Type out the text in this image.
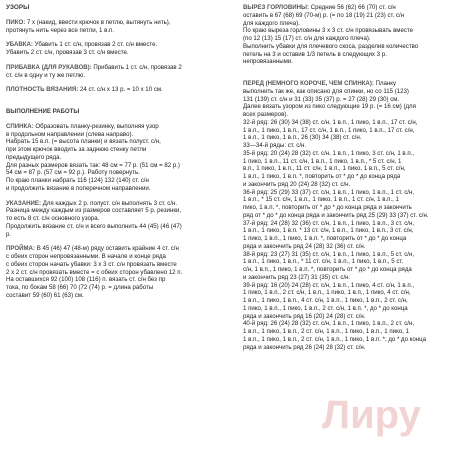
УЗОРЫ
ПИКО: 7 х (накид, ввести крючок в петлю, вытянуть нить),
протянуть нить через все петли, 1 в.п.
УБАВКА: Убавить 1 ст. с/н, провязав 2 ст. с/н вместе.
Убавить 2 ст. с/н, провязав 3 ст. с/н вместе.
ПРИБАВКА (ДЛЯ РУКАВОВ): Прибавить 1 ст. с/н, провязав 2
ст. с/н в одну и ту же петлю.
ПЛОТНОСТЬ ВЯЗАНИЯ: 24 ст. с/н х 13 р. = 10 х 10 см.
ВЫПОЛНЕНИЕ РАБОТЫ
СПИНКА: Образовать планку-резинку, выполняя узор
в продольном направлении (слева направо).
Набрать 15 в.п. (= высота планки) и вязать полуст. с/н,
при этом крючок вводить за заднюю стенку петли
предыдущего ряда.
Для разных размеров вязать так: 48 см = 77 р. (51 см = 82 р.)
54 см = 87 р. (57 см = 92 р.). Работу повернуть.
По краю планки набрать 116 (124) 132 (140) ст. с/н
и продолжить вязание в поперечном направлении.
УКАЗАНИЕ: Для каждых 2 р. полуст. с/н выполнять 3 ст. с/н.
Разница между каждым из размеров составляет 5 р. резинки,
то есть 8 ст. с/н основного узора.
Продолжить вязание ст. с/н и всего выполнить 44 (45) (46 (47)
р.
ПРОЙМА: В 45 (46) 47 (48-м) ряду оставить крайние 4 ст. с/н
с обеих сторон непровязанными. В начале и конце ряда
с обеих сторон начать убавки: 3 х 3 ст. с/н провязать вместе
2 х 2 ст. с/н провязать вместе = с обеих сторон убавлено 12 п.
На оставшихся 92 (100) 108 (116) п. вязать ст. с/н без пр
тока, по бокам 58 (66) 70 (72 (74) р. = длина работы
составит 59 (60) 61 (63) см.
ВЫРЕЗ ГОРЛОВИНЫ: Средние 56 (62) 66 (70) ст. с/н
оставить в 67 (68) 69 (70-м) р. (= по 18 (19) 21 (23) ст. с/н
для каждого плеча).
По краю выреза горловины 3 х 3 ст. с/н провязывать вместе
(по 12 (13) 15 (17) ст. с/н для каждого плеча).
Выполнить убавки для плечевого скоса, разделив количество
петель на 3 и оставив 1/3 петель в следующих 3 р.
непровязанными.
ПЕРЕД (НЕМНОГО КОРОЧЕ, ЧЕМ СПИНКА): Планку
выполнить так же, как описано для спинки, но со 115 (123)
131 (139) ст. с/н и 31 (33) 35 (37) р. = 27 (28) 29 (30) см.
Далее вязать узором из пико следующие 19 р. (= 16 см) (для
всех размеров).
32-й ряд: 26 (30) 34 (38) ст. с/н, 1 в.п., 1 пико, 1 в.п., 17 ст. с/н,
1 в.п., 1 пико, 1 в.п., 17 ст. с/н, 1 в.п., 1 пико, 1 в.п., 17 ст. с/н,
1 в.п., 1 пико, 1 в.п., 26 (30) 34 (38) ст. с/н.
33—34-й ряды: ст. с/н.
35-й ряд: 20 (24) 28 (32) ст. с/н, 1 в.п., 1 пико, 3 ст. с/н, 1 в.п.,
1 пико, 1 в.п., 11 ст. с/н, 1 в.п., 1 пико, 1 в.п., * 5 ст. с/н, 1
в.п., 1 пико, 1 в.п., 11 ст. с/н, 1 в.п., 1 пико, 1 в.п., 5 ст. с/н,
1 в.п., 1 пико, 1 в.п. *, повторить от * до * до конца ряда
и закончить ряд 20 (24) 28 (32) ст. с/н.
36-й ряд: 25 (29) 33 (37) ст. с/н, 1 в.п., 1 пико, 1 в.п., 1 ст. с/н,
1 в.п., * 15 ст. с/н, 1 в.п., 1 пико, 1 в.п., 1 ст. с/н, 1 в.п., 1
пико, 1 в.п. *, повторить от * до * до конца ряда и закончить
ряд от * до * до конца ряда и закончить ряд 25 (29) 33 (37) ст. с/н.
37-й ряд: 24 (28) 32 (36) ст. с/н, 1 в.п., 1 пико, 1 в.п., 3 ст. с/н,
1 в.п., 1 пико, 1 в.п. * 13 ст. с/н, 1 в.п., 1 пико, 1 в.п., 3 ст. с/н,
1 пико, 1 в.п., 1 пико, 1 в.п. *, повторить от * до * до конца
ряда и закончить ряд 24 (28) 32 (36) ст. с/н.
38-й ряд: 23 (27) 31 (35) ст. с/н, 1 в.п., 1 пико, 1 в.п., 5 ст. с/н,
1 в.п., 1 пико, 1 в.п., * 11 ст. с/н, 1 в.п., 1 пико, 1 в.п., 5 ст.
с/н, 1 в.п., 1 пико, 1 в.п. *, повторить от * до * до конца ряда
и закончить ряд 23 (27) 31 (35) ст. с/н.
39-й ряд: 16 (20) 24 (28) ст. с/н, 1 в.п., 1 пико, 4 ст. с/н, 1 в.п.,
1 пико, 1 в.п., 2 ст. с/н, 1 в.п., 1 пико, 1 в.п., 1 пико, 4 ст. с/н,
1 в.п., 1 пико, 1 в.п., 4 ст. с/н, 1 в.п., 1 пико, 1 в.п., 2 ст. с/н,
1 пико, 1 в.п., 1 пико, 1 в.п., 2 ст. с/н, 1 в.п. *, до * до конца
ряда и закончить ряд 16 (20) 24 (28) ст. с/н.
40-й ряд: 26 (24) 28 (32) ст. с/н, 1 в.п., 1 пико, 1 в.п., 2 ст. с/н,
1 в.п., 1 пико, 1 в.п., 2 ст. с/н, 1 в.п., 1 пико, 1 в.п., 1 пико, 1
1 в.п., 1 пико, 1 в.п., 2 ст. с/н, 1 в.п., 1 пико, 1 в.п. *, до * до конца
ряда и закончить ряд 26 (24) 28 (32) ст. с/н.
Лиру
